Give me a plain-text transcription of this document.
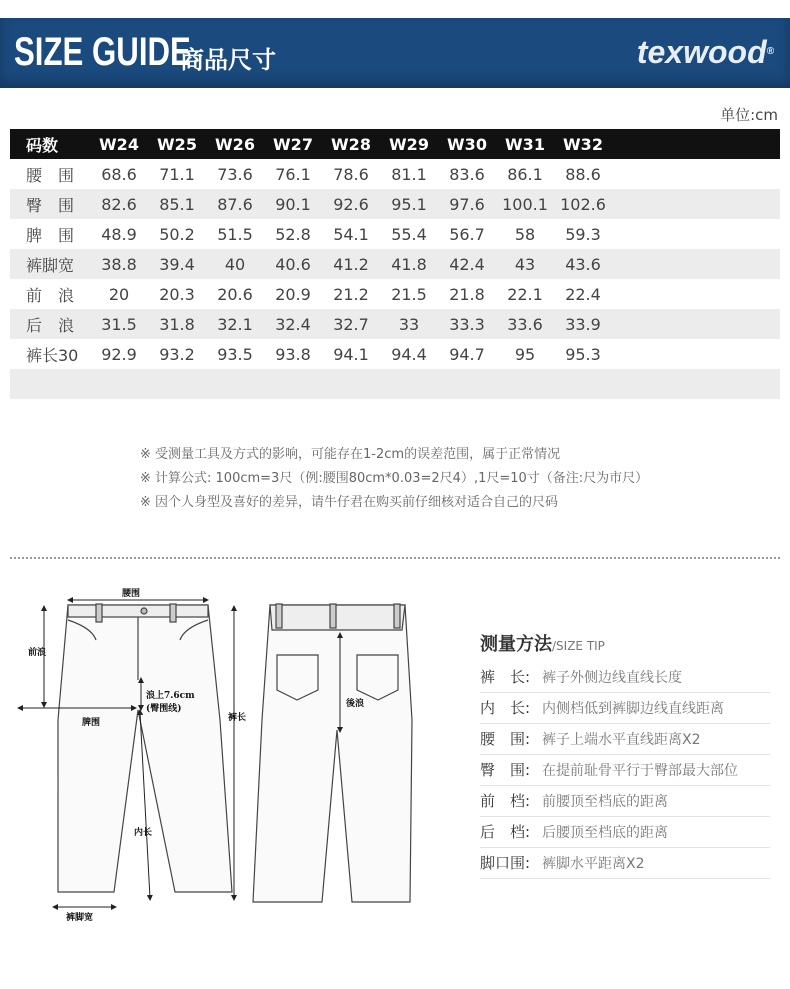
SIZE GUIDE
商品尺寸	texwood®
单位:cm
码数	W24	W25	W26	W27	W28	W29	W30	W31	W32	
腰　围	68.6	71.1	73.6	76.1	78.6	81.1	83.6	86.1	88.6	
臀　围	82.6	85.1	87.6	90.1	92.6	95.1	97.6	100.1	102.6	
脾　围	48.9	50.2	51.5	52.8	54.1	55.4	56.7	58	59.3	
裤脚宽	38.8	39.4	40	40.6	41.2	41.8	42.4	43	43.6	
前　浪	20	20.3	20.6	20.9	21.2	21.5	21.8	22.1	22.4	
后　浪	31.5	31.8	32.1	32.4	32.7	33	33.3	33.6	33.9	
裤长30	92.9	93.2	93.5	93.8	94.1	94.4	94.7	95	95.3	

※ 受测量工具及方式的影响，可能存在1-2cm的误差范围，属于正常情况
※ 计算公式: 100cm=3尺（例:腰围80cm*0.03=2尺4）,1尺=10寸（备注:尺为市尺）
※ 因个人身型及喜好的差异，请牛仔君在购买前仔细核对适合自己的尺码
腰围
前浪
浪上7.6cm
(臀围线)
脾围	裤长
内长
裤脚宽
後浪
测量方法/SIZE TIP
裤　长: 裤子外侧边线直线长度
内　长: 内侧档低到裤脚边线直线距离
腰　围: 裤子上端水平直线距离X2
臀　围: 在提前耻骨平行于臀部最大部位
前　档: 前腰顶至档底的距离
后　档: 后腰顶至档底的距离
脚口围: 裤脚水平距离X2
